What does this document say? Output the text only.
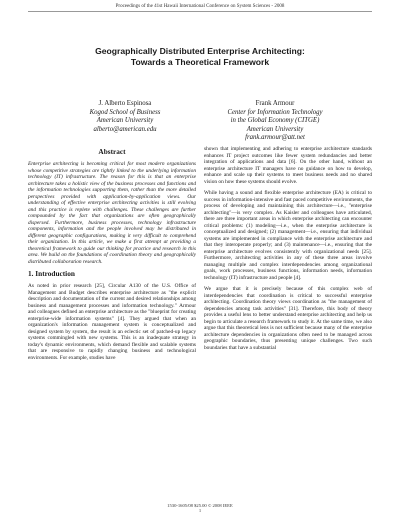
Proceedings of the 41st Hawaii International Conference on System Sciences - 2008
Geographically Distributed Enterprise Architecting:
Towards a Theoretical Framework
J. Alberto Espinosa
Kogod School of Business
American University
alberto@american.edu
Frank Armour
Center for Information Technology
in the Global Economy (CITGE)
American University
frank.armour@att.net
Abstract

Enterprise architecting is becoming critical for most modern organizations whose competitive strategies are tightly linked to the underlying information technology (IT) infrastructure. The reason for this is that an enterprise architecture takes a holistic view of the business processes and functions and the information technologies supporting them, rather than the more detailed perspectives provided with application-by-application views. Our understanding of effective enterprise architecting activities is still evolving and this practice is replete with challenges. These challenges are further compounded by the fact that organizations are often geographically dispersed. Furthermore, business processes, technology infrastructure components, information and the people involved may be distributed in different geographic configurations, making it very difficult to comprehend their organization. In this article, we make a first attempt at providing a theoretical framework to guide our thinking for practice and research in this area. We build on the foundations of coordination theory and geographically distributed collaboration research.

1. Introduction

As noted in prior research [25], Circular A130 of the U.S. Office of Management and Budget describes enterprise architecture as "the explicit description and documentation of the current and desired relationships among business and management processes and information technology." Armour and colleagues defined an enterprise architecture as the "blueprint for creating enterprise-wide information systems" [4]. They argued that when an organization's information management system is conceptualized and designed system by system, the result is an eclectic set of patched-up legacy systems commingled with new systems. This is an inadequate strategy in today's dynamic environments, which demand flexible and scalable systems that are responsive to rapidly changing business and technological environments. For example, studies have

shown that implementing and adhering to enterprise architecture standards enhances IT project outcomes like fewer system redundancies and better integration of applications and data [6]. On the other hand, without an enterprise architecture IT managers have no guidance on how to develop, enhance and scale up their systems to meet business needs and no shared vision on how these systems should evolve.

While having a sound and flexible enterprise architecture (EA) is critical to success in information-intensive and fast paced competitive environments, the process of developing and maintaining this architecture—i.e., "enterprise architecting"—is very complex. As Kaisler and colleagues have articulated, there are three important areas in which enterprise architecting can encounter critical problems: (1) modeling—i.e., when the enterprise architecture is conceptualized and designed; (2) management—i.e., ensuring that individual systems are implemented in compliance with the enterprise architecture and that they interoperate properly; and (3) maintenance—i.e., ensuring that the enterprise architecture evolves consistently with organizational needs [25]. Furthermore, architecting activities in any of these three areas involve managing multiple and complex interdependencies among organizational goals, work processes, business functions, information needs, information technology (IT) infrastructure and people [4].

We argue that it is precisely because of this complex web of interdependencies that coordination is critical to successful enterprise architecting. Coordination theory views coordination as "the management of dependencies among task activities" [31]. Therefore, this body of theory provides a useful lens to better understand enterprise architecting and help us begin to articulate a research framework to study it. At the same time, we also argue that this theoretical lens is not sufficient because many of the enterprise architecture dependencies in organizations often need to be managed across geographic boundaries, thus presenting unique challenges. Two such boundaries that have a substantial

1530-1605/08 $25.00 © 2008 IEEE
1
